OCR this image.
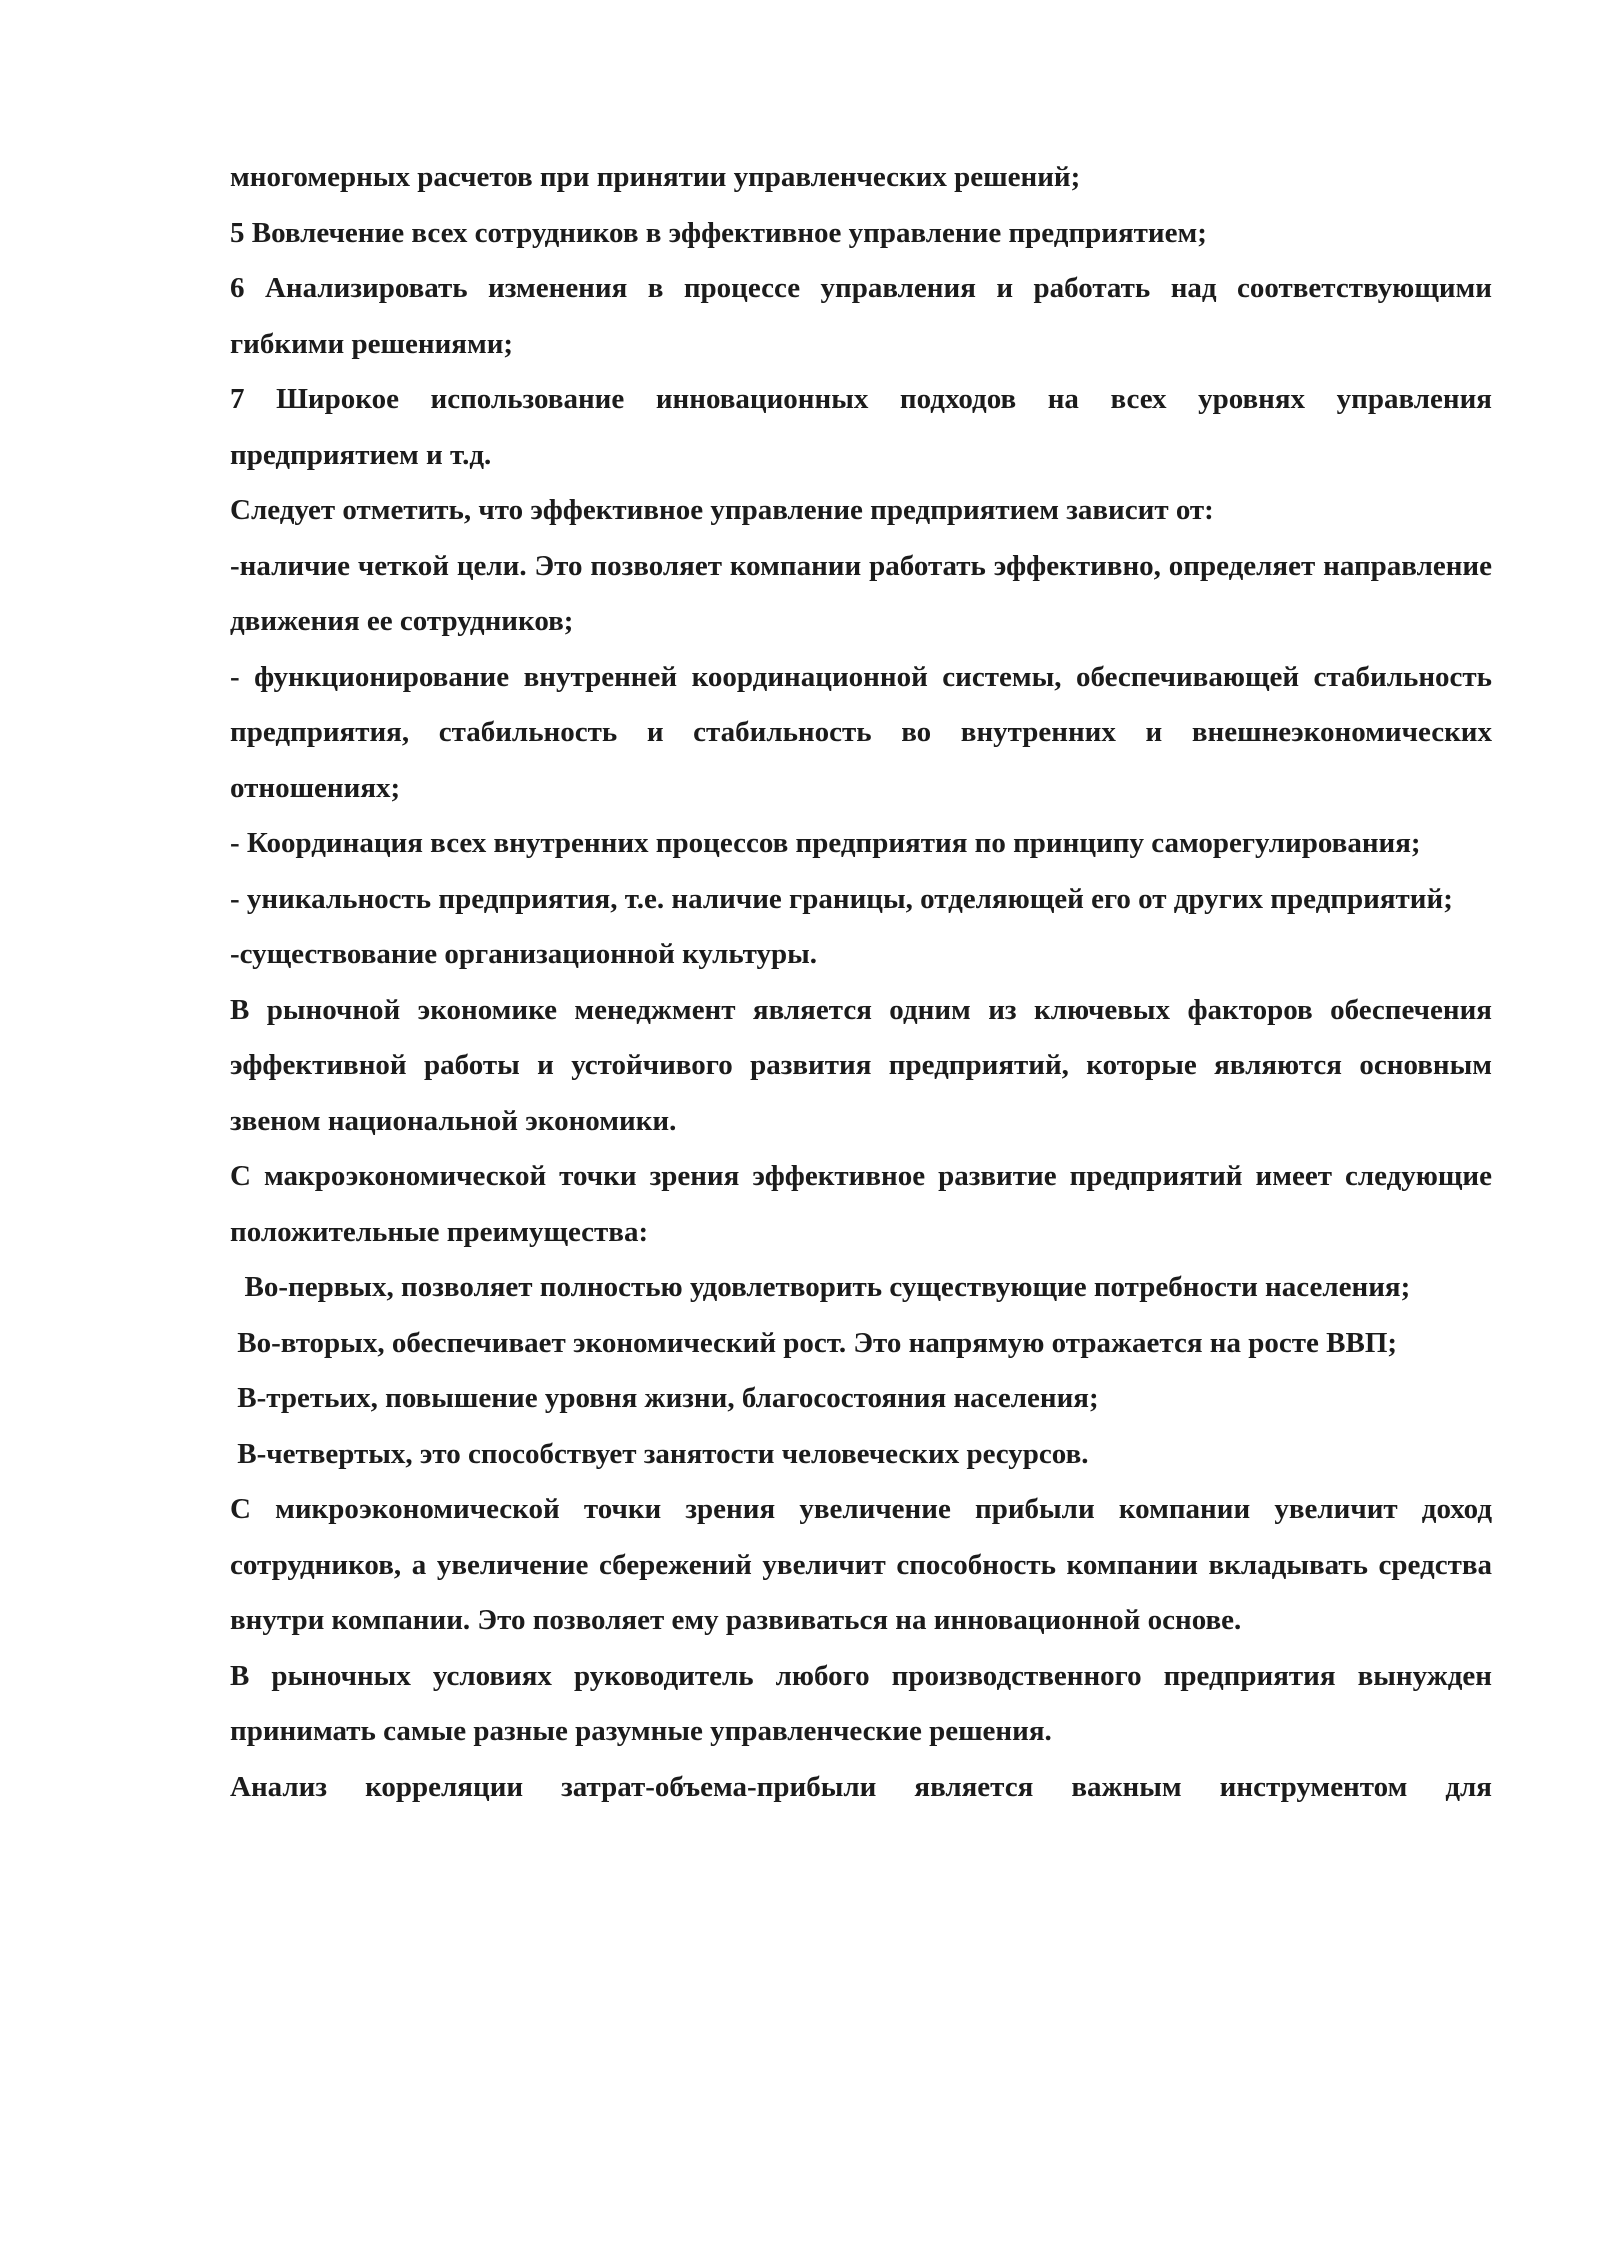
многомерных расчетов при принятии управленческих решений;

5 Вовлечение всех сотрудников в эффективное управление предприятием;

6 Анализировать изменения в процессе управления и работать над соответствующими гибкими решениями;

7 Широкое использование инновационных подходов на всех уровнях управления предприятием и т.д.

Следует отметить, что эффективное управление предприятием зависит от:

-наличие четкой цели. Это позволяет компании работать эффективно, определяет направление движения ее сотрудников;

- функционирование внутренней координационной системы, обеспечивающей стабильность предприятия, стабильность и стабильность во внутренних и внешнеэкономических отношениях;

- Координация всех внутренних процессов предприятия по принципу саморегулирования;

- уникальность предприятия, т.е. наличие границы, отделяющей его от других предприятий;

-существование организационной культуры.

В рыночной экономике менеджмент является одним из ключевых факторов обеспечения эффективной работы и устойчивого развития предприятий, которые являются основным звеном национальной экономики.

С макроэкономической точки зрения эффективное развитие предприятий имеет следующие положительные преимущества:

Во-первых, позволяет полностью удовлетворить существующие потребности населения;

Во-вторых, обеспечивает экономический рост. Это напрямую отражается на росте ВВП;

В-третьих, повышение уровня жизни, благосостояния населения;

В-четвертых, это способствует занятости человеческих ресурсов.

С микроэкономической точки зрения увеличение прибыли компании увеличит доход сотрудников, а увеличение сбережений увеличит способность компании вкладывать средства внутри компании. Это позволяет ему развиваться на инновационной основе.

В рыночных условиях руководитель любого производственного предприятия вынужден принимать самые разные разумные управленческие решения.

Анализ корреляции затрат-объема-прибыли является важным инструментом для
